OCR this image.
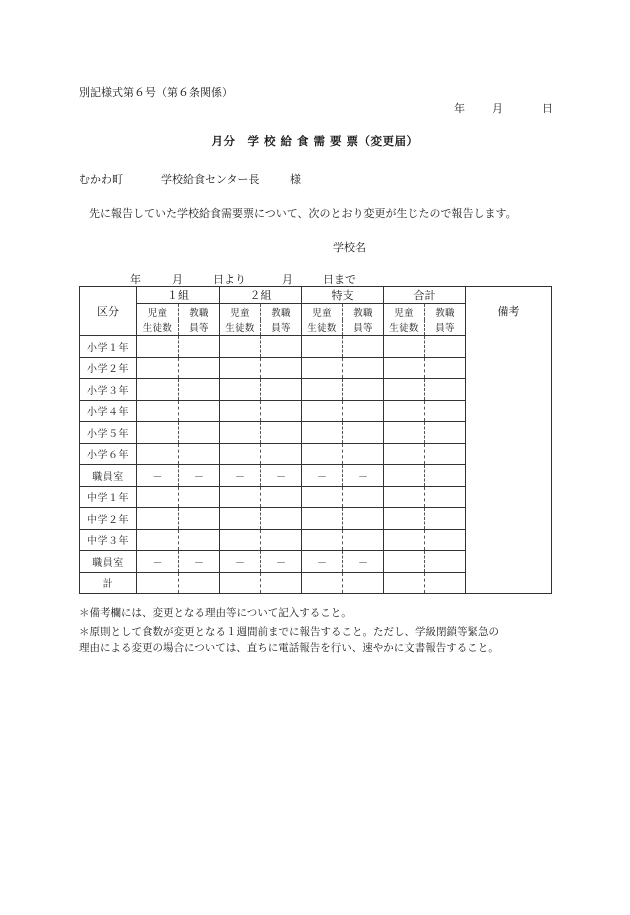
別記様式第６号（第６条関係）
年 月	日
月分　学 校 給 食 需 要 票（変更届）
むかわ町	学校給食センター長	様
先に報告していた学校給食需要票について、次のとおり変更が生じたので報告します。
学校名
年	月	日より	月	日まで
区分	１組		２組		特支		合計		備考
	児童	教職	児童	教職	児童	教職	児童	教職	
	生徒数	員等	生徒数	員等	生徒数	員等	生徒数	員等	
小学１年									
小学２年									
小学３年									
小学４年									
小学５年									
小学６年									
職員室	－	－	－	－	－	－			
中学１年									
中学２年									
中学３年									
職員室	－	－	－	－	－	－			
計									
＊備考欄には、変更となる理由等について記入すること。
＊原則として食数が変更となる１週間前までに報告すること。ただし、学級閉鎖等緊急の
理由による変更の場合については、直ちに電話報告を行い、速やかに文書報告すること。
